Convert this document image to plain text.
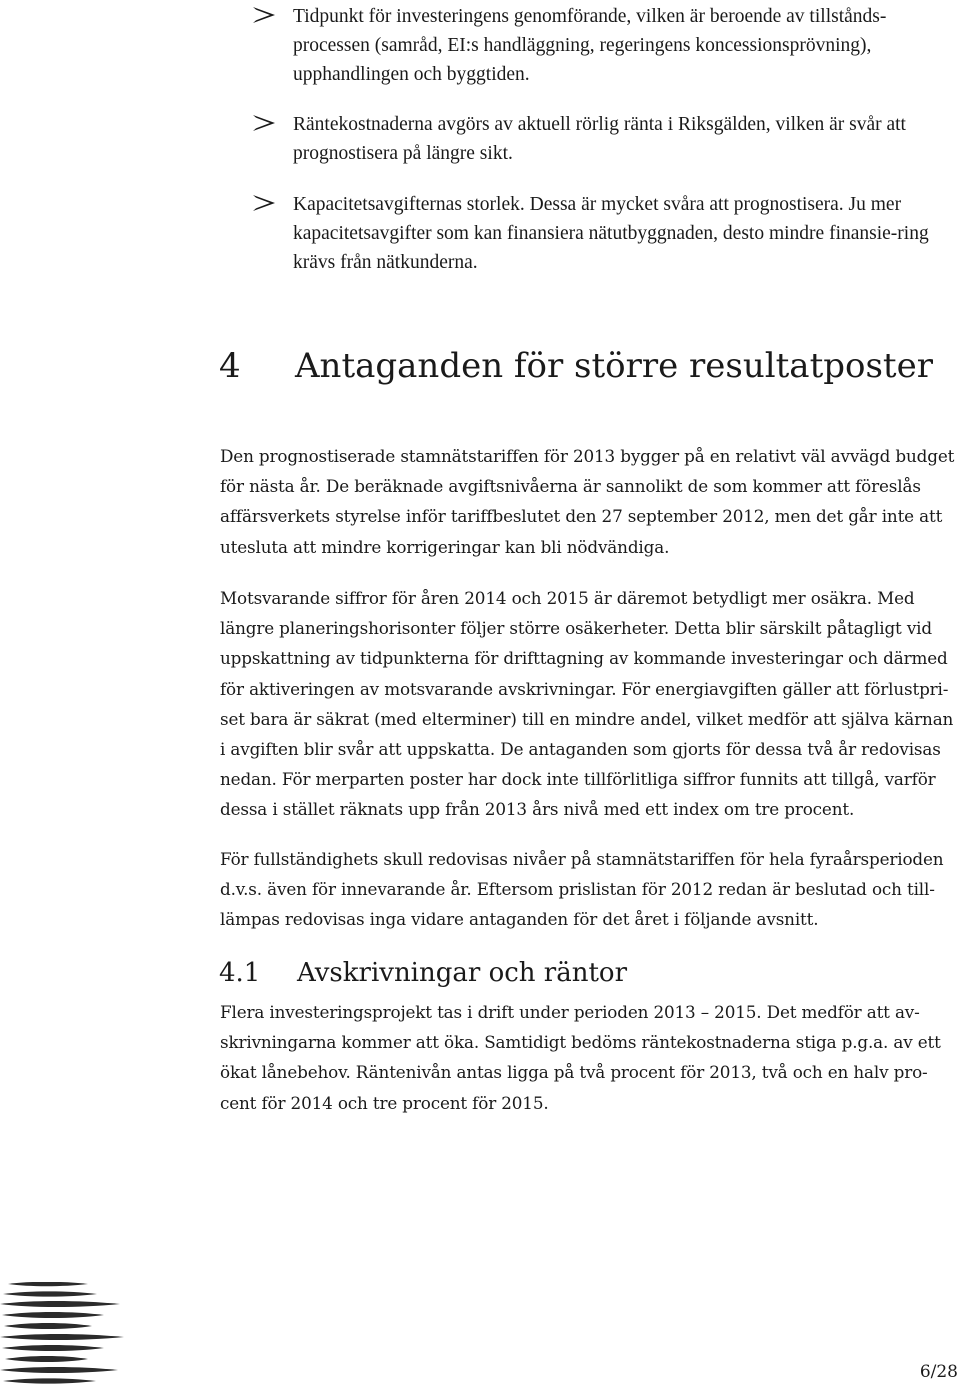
Tidpunkt för investeringens genomförande, vilken är beroende av tillstånds-processen (samråd, EI:s handläggning, regeringens koncessionsprövning), upphandlingen och byggtiden.
Räntekostnaderna avgörs av aktuell rörlig ränta i Riksgälden, vilken är svår att prognostisera på längre sikt.
Kapacitetsavgifternas storlek. Dessa är mycket svåra att prognostisera. Ju mer kapacitetsavgifter som kan finansiera nätutbyggnaden, desto mindre finansie-ring krävs från nätkunderna.
4 Antaganden för större resultatposter

Den prognostiserade stamnätstariffen för 2013 bygger på en relativt väl avvägd budget för nästa år. De beräknade avgiftsnivåerna är sannolikt de som kommer att föreslås affärsverkets styrelse inför tariffbeslutet den 27 september 2012, men det går inte att utesluta att mindre korrigeringar kan bli nödvändiga.

Motsvarande siffror för åren 2014 och 2015 är däremot betydligt mer osäkra. Med längre planeringshorisonter följer större osäkerheter. Detta blir särskilt påtagligt vid uppskattning av tidpunkterna för drifttagning av kommande investeringar och därmed för aktiveringen av motsvarande avskrivningar. För energiavgiften gäller att förlustpri-set bara är säkrat (med elterminer) till en mindre andel, vilket medför att själva kärnan i avgiften blir svår att uppskatta. De antaganden som gjorts för dessa två år redovisas nedan. För merparten poster har dock inte tillförlitliga siffror funnits att tillgå, varför dessa i stället räknats upp från 2013 års nivå med ett index om tre procent.

För fullständighets skull redovisas nivåer på stamnätstariffen för hela fyraårsperioden d.v.s. även för innevarande år. Eftersom prislistan för 2012 redan är beslutad och till-lämpas redovisas inga vidare antaganden för det året i följande avsnitt.

4.1 Avskrivningar och räntor

Flera investeringsprojekt tas i drift under perioden 2013 – 2015. Det medför att av-skrivningarna kommer att öka. Samtidigt bedöms räntekostnaderna stiga p.g.a. av ett ökat lånebehov. Räntenivån antas ligga på två procent för 2013, två och en halv pro-cent för 2014 och tre procent för 2015.

6/28
